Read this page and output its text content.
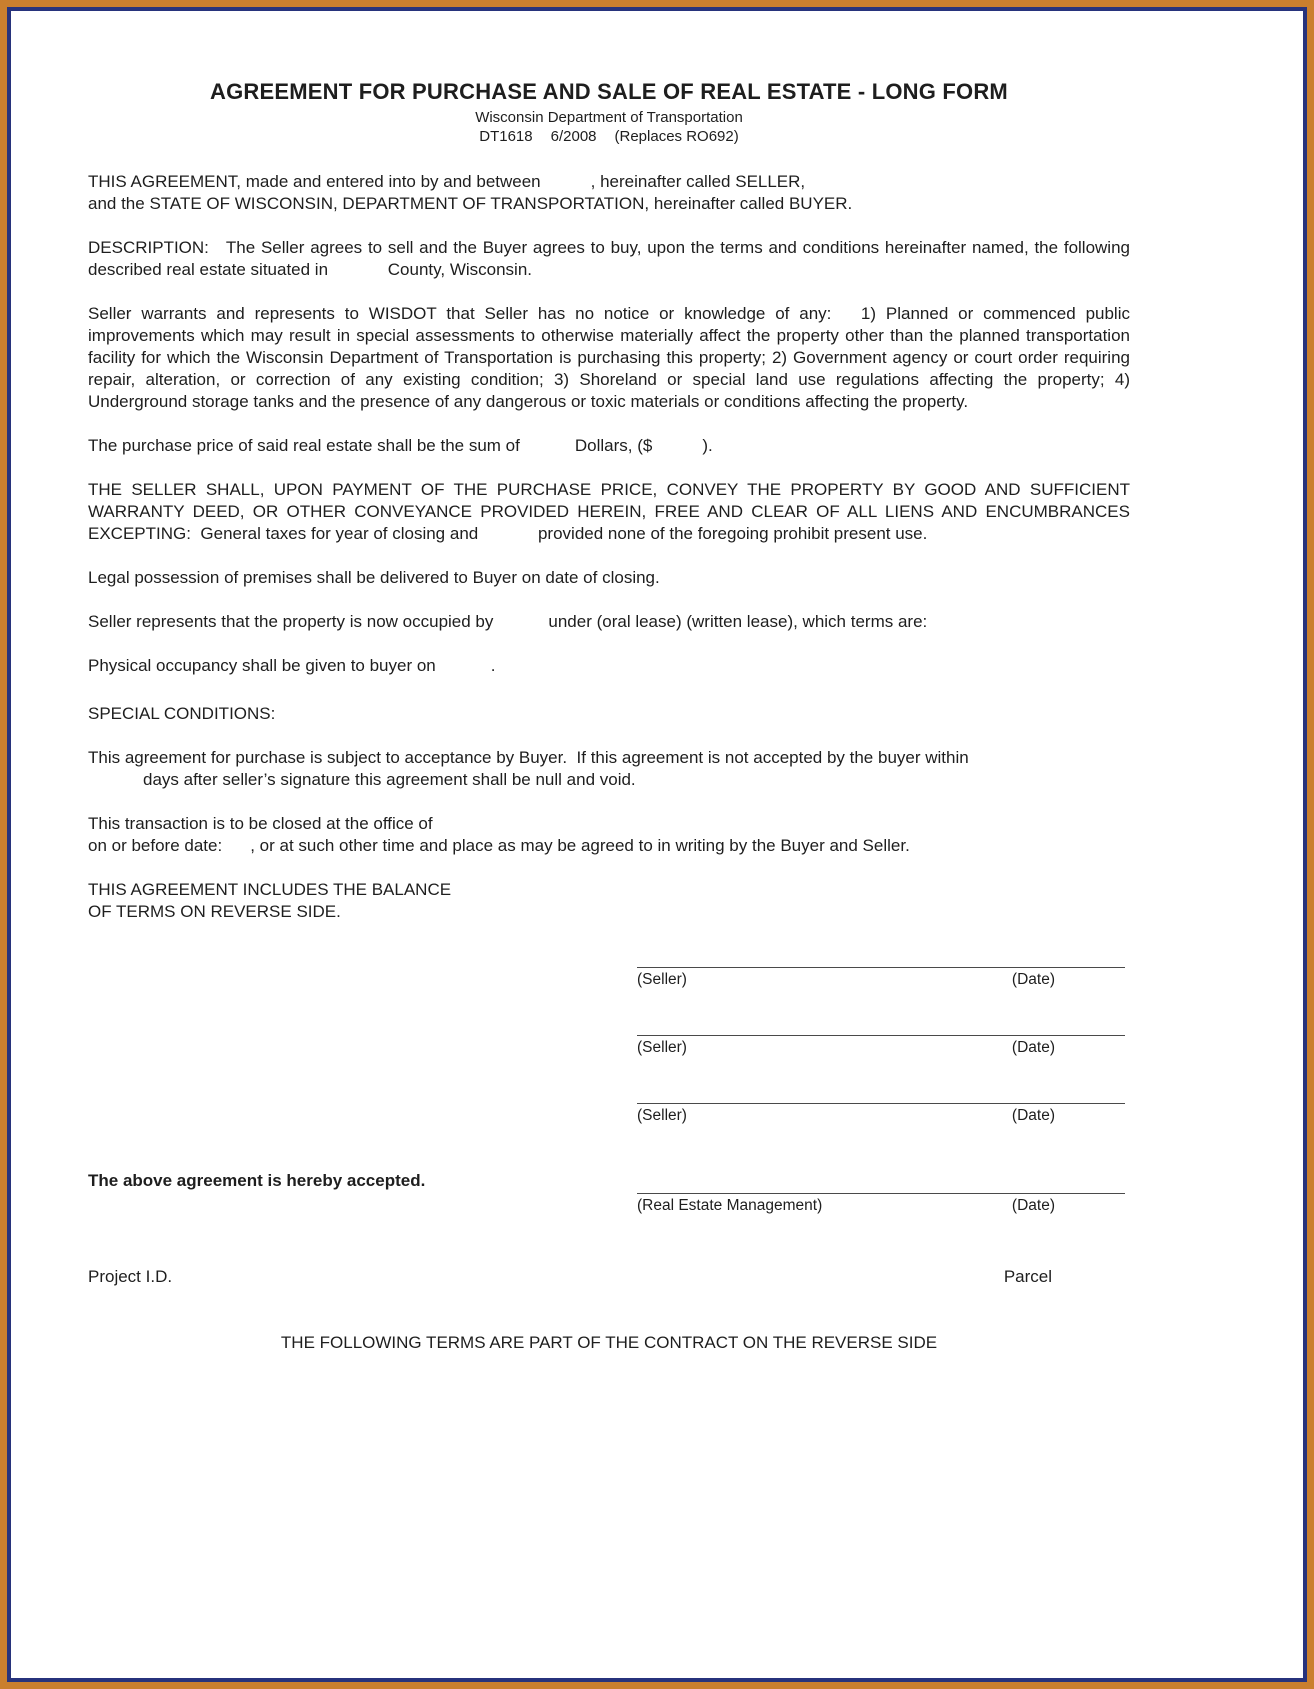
AGREEMENT FOR PURCHASE AND SALE OF REAL ESTATE - LONG FORM
Wisconsin Department of Transportation
DT1618 6/2008 (Replaces RO692)

THIS AGREEMENT, made and entered into by and between	, hereinafter called SELLER,
and the STATE OF WISCONSIN, DEPARTMENT OF TRANSPORTATION, hereinafter called BUYER.

DESCRIPTION:   The Seller agrees to sell and the Buyer agrees to buy, upon the terms and conditions hereinafter named, the following described real estate situated in	County, Wisconsin.

Seller warrants and represents to WISDOT that Seller has no notice or knowledge of any:   1) Planned or commenced public improvements which may result in special assessments to otherwise materially affect the property other than the planned transportation facility for which the Wisconsin Department of Transportation is purchasing this property; 2) Government agency or court order requiring repair, alteration, or correction of any existing condition; 3) Shoreland or special land use regulations affecting the property; 4) Underground storage tanks and the presence of any dangerous or toxic materials or conditions affecting the property.

The purchase price of said real estate shall be the sum of	Dollars, ($	).

THE SELLER SHALL, UPON PAYMENT OF THE PURCHASE PRICE, CONVEY THE PROPERTY BY GOOD AND SUFFICIENT WARRANTY DEED, OR OTHER CONVEYANCE PROVIDED HEREIN, FREE AND CLEAR OF ALL LIENS AND ENCUMBRANCES EXCEPTING:  General taxes for year of closing and	provided none of the foregoing prohibit present use.

Legal possession of premises shall be delivered to Buyer on date of closing.

Seller represents that the property is now occupied by	under (oral lease) (written lease), which terms are:

Physical occupancy shall be given to buyer on	.

SPECIAL CONDITIONS:

This agreement for purchase is subject to acceptance by Buyer.  If this agreement is not accepted by the buyer within
days after seller’s signature this agreement shall be null and void.

This transaction is to be closed at the office of
on or before date: , or at such other time and place as may be agreed to in writing by the Buyer and Seller.

THIS AGREEMENT INCLUDES THE BALANCE
OF TERMS ON REVERSE SIDE.

(Seller)	(Date)
(Seller)	(Date)
(Seller)	(Date)
The above agreement is hereby accepted.
(Real Estate Management)	(Date)
Project I.D.	Parcel
THE FOLLOWING TERMS ARE PART OF THE CONTRACT ON THE REVERSE SIDE
